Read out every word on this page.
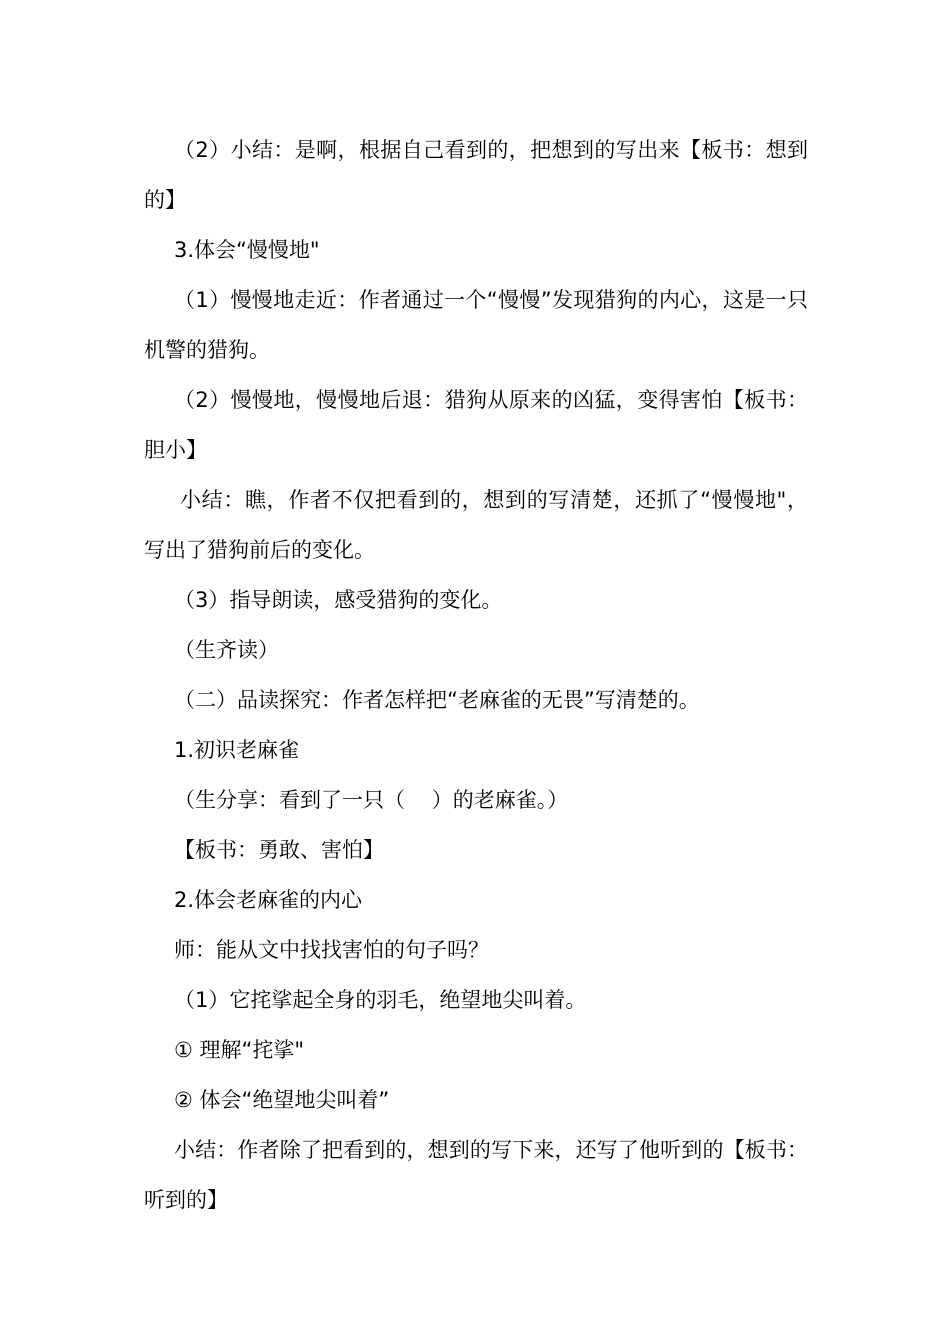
（2）小结：是啊，根据自己看到的，把想到的写出来【板书：想到的】

3.体会“慢慢地"

（1）慢慢地走近：作者通过一个“慢慢”发现猎狗的内心，这是一只机警的猎狗。

（2）慢慢地，慢慢地后退：猎狗从原来的凶猛，变得害怕【板书：胆小】

小结：瞧，作者不仅把看到的，想到的写清楚，还抓了“慢慢地"，写出了猎狗前后的变化。

（3）指导朗读，感受猎狗的变化。

（生齐读）

（二）品读探究：作者怎样把“老麻雀的无畏”写清楚的。

1.初识老麻雀

（生分享：看到了一只（    ）的老麻雀。）

【板书：勇敢、害怕】

2.体会老麻雀的内心

师：能从文中找找害怕的句子吗？

（1）它挓挲起全身的羽毛，绝望地尖叫着。

① 理解“挓挲"

② 体会“绝望地尖叫着”

小结：作者除了把看到的，想到的写下来，还写了他听到的【板书：听到的】
